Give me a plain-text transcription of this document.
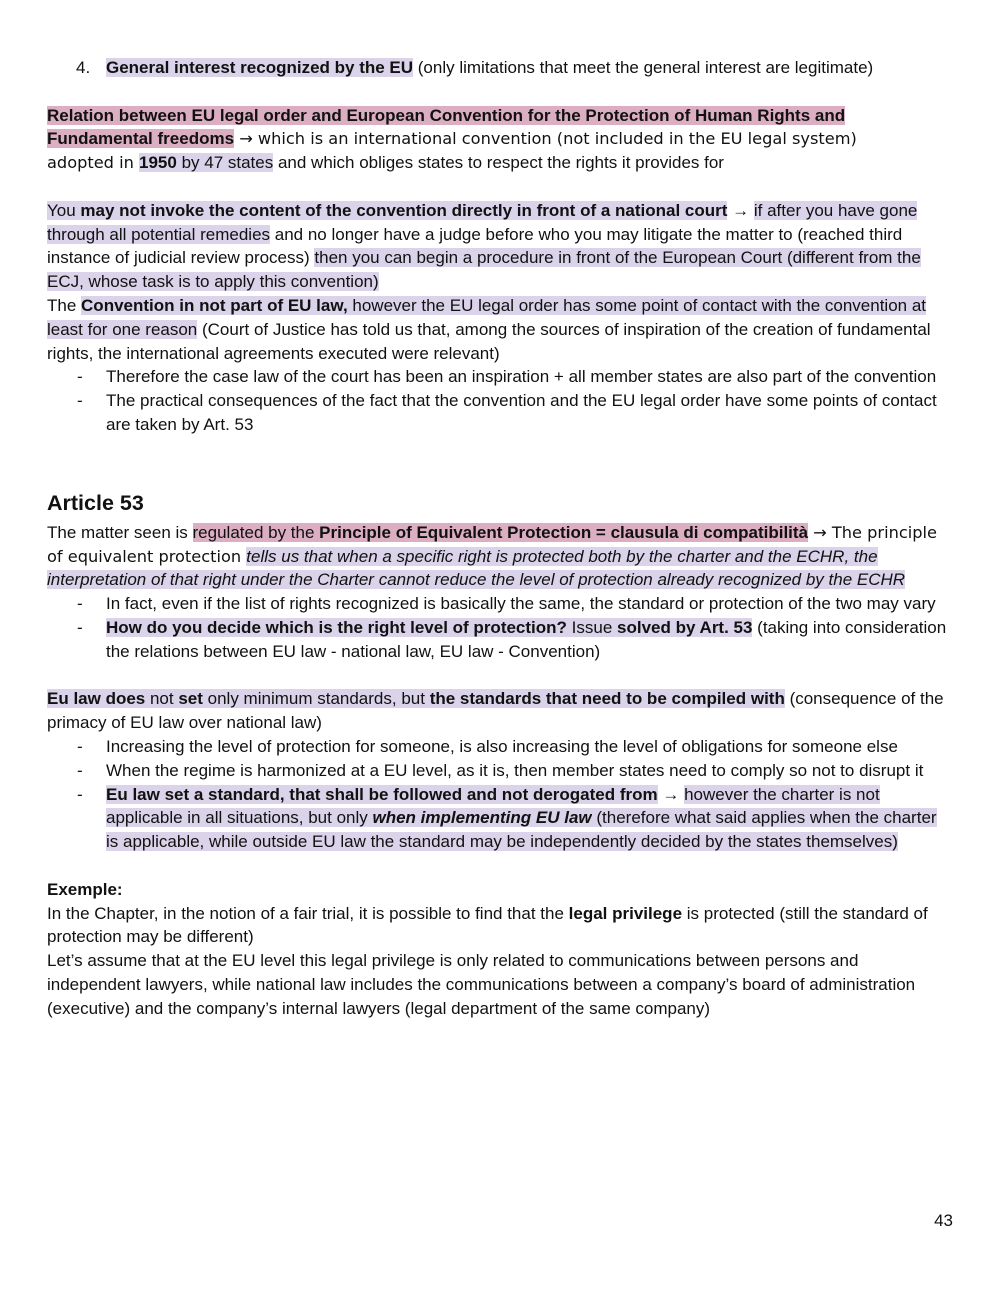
4. General interest recognized by the EU (only limitations that meet the general interest are legitimate)

Relation between EU legal order and European Convention for the Protection of Human Rights and
Fundamental freedoms → which is an international convention (not included in the EU legal system)
adopted in 1950 by 47 states and which obliges states to respect the rights it provides for

You may not invoke the content of the convention directly in front of a national court → if after you have gone through all potential remedies and no longer have a judge before who you may litigate the matter to (reached third instance of judicial review process) then you can begin a procedure in front of the European Court (different from the ECJ, whose task is to apply this convention)

The Convention in not part of EU law, however the EU legal order has some point of contact with the convention at least for one reason (Court of Justice has told us that, among the sources of inspiration of the creation of fundamental rights, the international agreements executed were relevant)

- Therefore the case law of the court has been an inspiration + all member states are also part of the convention
- The practical consequences of the fact that the convention and the EU legal order have some points of contact are taken by Art. 53
Article 53

The matter seen is regulated by the Principle of Equivalent Protection = clausula di compatibilità → The principle of equivalent protection tells us that when a specific right is protected both by the charter and the ECHR, the interpretation of that right under the Charter cannot reduce the level of protection already recognized by the ECHR

- In fact, even if the list of rights recognized is basically the same, the standard or protection of the two may vary
- How do you decide which is the right level of protection? Issue solved by Art. 53 (taking into consideration the relations between EU law - national law, EU law - Convention)

Eu law does not set only minimum standards, but the standards that need to be compiled with (consequence of the primacy of EU law over national law)

- Increasing the level of protection for someone, is also increasing the level of obligations for someone else
- When the regime is harmonized at a EU level, as it is, then member states need to comply so not to disrupt it
- Eu law set a standard, that shall be followed and not derogated from → however the charter is not applicable in all situations, but only when implementing EU law (therefore what said applies when the charter is applicable, while outside EU law the standard may be independently decided by the states themselves)

Exemple:

In the Chapter, in the notion of a fair trial, it is possible to find that the legal privilege is protected (still the standard of protection may be different)

Let’s assume that at the EU level this legal privilege is only related to communications between persons and independent lawyers, while national law includes the communications between a company’s board of administration (executive) and the company’s internal lawyers (legal department of the same company)

43
